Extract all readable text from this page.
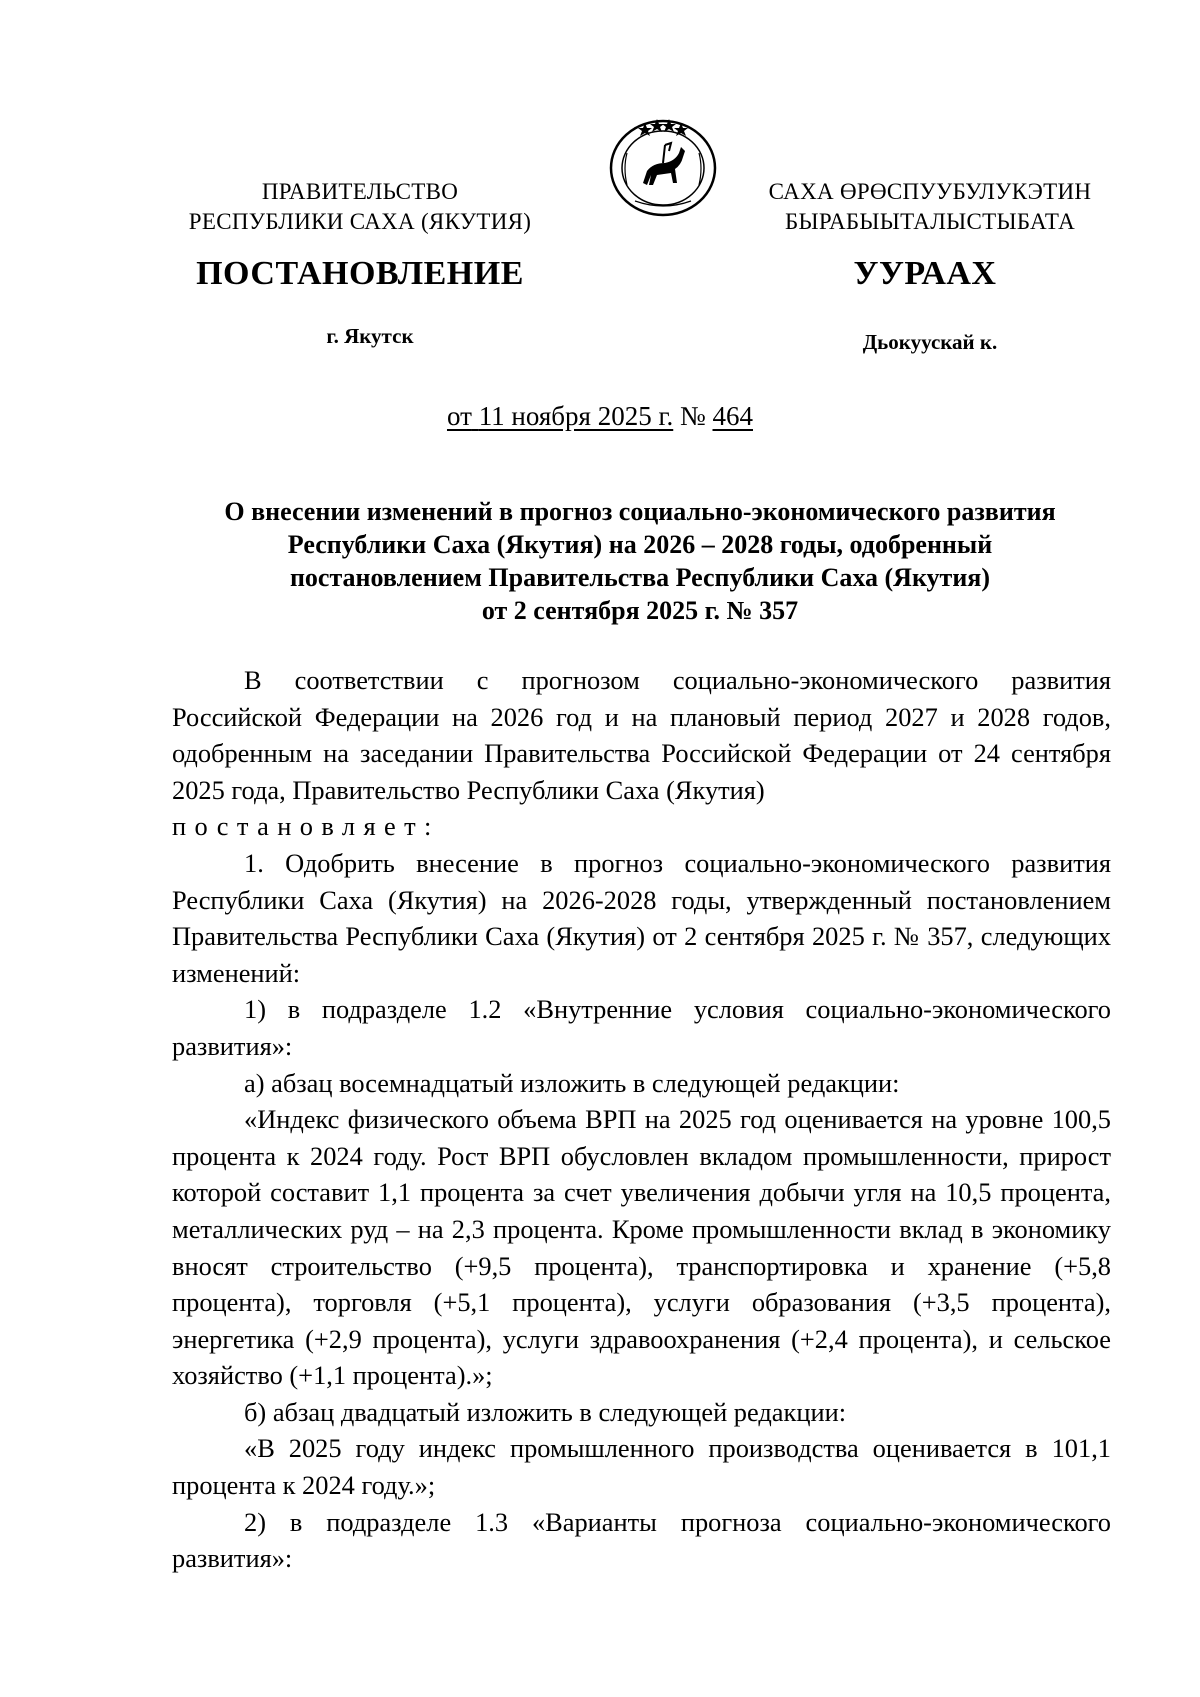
ПРАВИТЕЛЬСТВО
РЕСПУБЛИКИ САХА (ЯКУТИЯ)
САХА ӨРӨСПУУБУЛУКЭТИН
БЫРАБЫЫТАЛЫСТЫБАТА
ПОСТАНОВЛЕНИЕ	УУРААХ
г. Якутск	Дьокуускай к.
от 11 ноября 2025 г. № 464
О внесении изменений в прогноз социально-экономического развития
Республики Саха (Якутия) на 2026 – 2028 годы, одобренный
постановлением Правительства Республики Саха (Якутия)
от 2 сентября 2025 г. № 357

В соответствии с прогнозом социально-экономического развития Российской Федерации на 2026 год и на плановый период 2027 и 2028 годов, одобренным на заседании Правительства Российской Федерации от 24 сентября 2025 года, Правительство Республики Саха (Якутия)

постановляет:

1. Одобрить внесение в прогноз социально-экономического развития Республики Саха (Якутия) на 2026-2028 годы, утвержденный постановлением Правительства Республики Саха (Якутия) от 2 сентября 2025 г. № 357, следующих изменений:

1) в подразделе 1.2 «Внутренние условия социально-экономического развития»:

а) абзац восемнадцатый изложить в следующей редакции:

«Индекс физического объема ВРП на 2025 год оценивается на уровне 100,5 процента к 2024 году. Рост ВРП обусловлен вкладом промышленности, прирост которой составит 1,1 процента за счет увеличения добычи угля на 10,5 процента, металлических руд – на 2,3 процента. Кроме промышленности вклад в экономику вносят строительство (+9,5 процента), транспортировка и хранение (+5,8 процента), торговля (+5,1 процента), услуги образования (+3,5 процента), энергетика (+2,9 процента), услуги здравоохранения (+2,4 процента), и сельское хозяйство (+1,1 процента).»;

б) абзац двадцатый изложить в следующей редакции:

«В 2025 году индекс промышленного производства оценивается в 101,1 процента к 2024 году.»;

2) в подразделе 1.3 «Варианты прогноза социально-экономического развития»:
